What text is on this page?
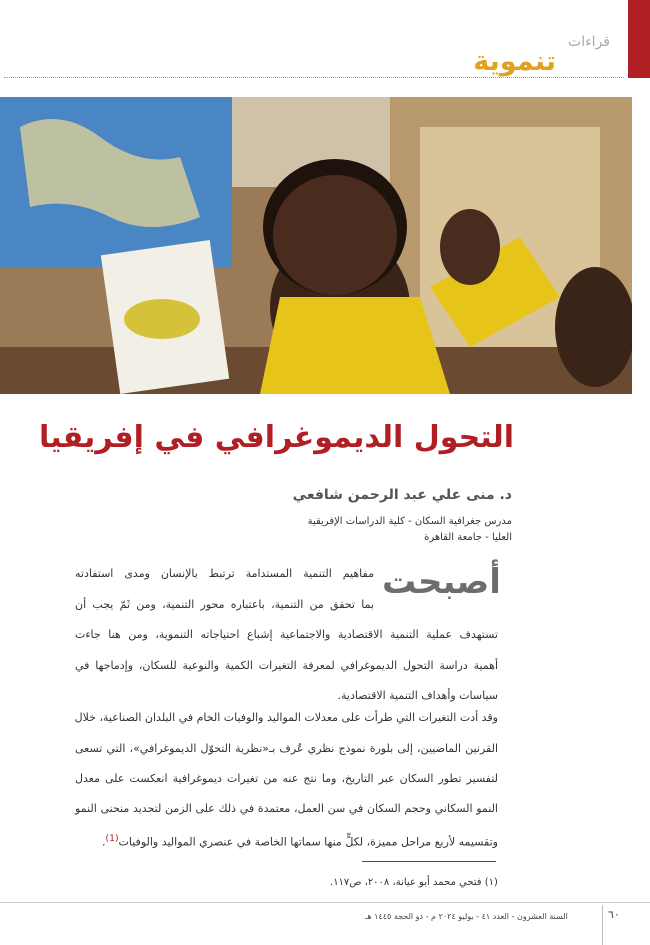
قراءات
تنموية
التحول الديموغرافي في إفريقيا
د. منى علي عبد الرحمن شافعي
مدرس جغرافية السكان - كلية الدراسات الإفريقية
العليا - جامعة القاهرة
أصبحت
مفاهيم التنمية المستدامة ترتبط بالإنسان ومدى استفادته
بما تحقق من التنمية، باعتباره محور التنمية، ومن ثَمّ يجب أن
تستهدف عملية التنمية الاقتصادية والاجتماعية إشباع احتياجاته التنموية، ومن هنا جاءت
أهمية دراسة التحول الديموغرافي لمعرفة التغيرات الكمية والنوعية للسكان، وإدماجها في
سياسات وأهداف التنمية الاقتصادية.
وقد أدت التغيرات التي طرأت على معدلات المواليد والوفيات الخام في البلدان الصناعية، خلال
القرنين الماضيين، إلى بلورة نموذج نظري عُرف بـ«نظرية التحوّل الديموغرافي»، التي تسعى
لتفسير تطور السكان عبر التاريخ، وما نتج عنه من تغيرات ديموغرافية انعكست على معدل
النمو السكاني وحجم السكان في سن العمل، معتمدة في ذلك على الزمن لتحديد منحنى النمو
وتقسيمه لأربع مراحل مميزة، لكلٍّ منها سماتها الخاصة في عنصري المواليد والوفيات$^{(1)}$.
(١) فتحي محمد أبو عيانة، ٢٠٠٨، ص١١٧.
السنة العشرون - العدد ٤١ - يوليو ٢٠٢٤ م - ذو الحجة ١٤٤٥ هـ	٦٠
